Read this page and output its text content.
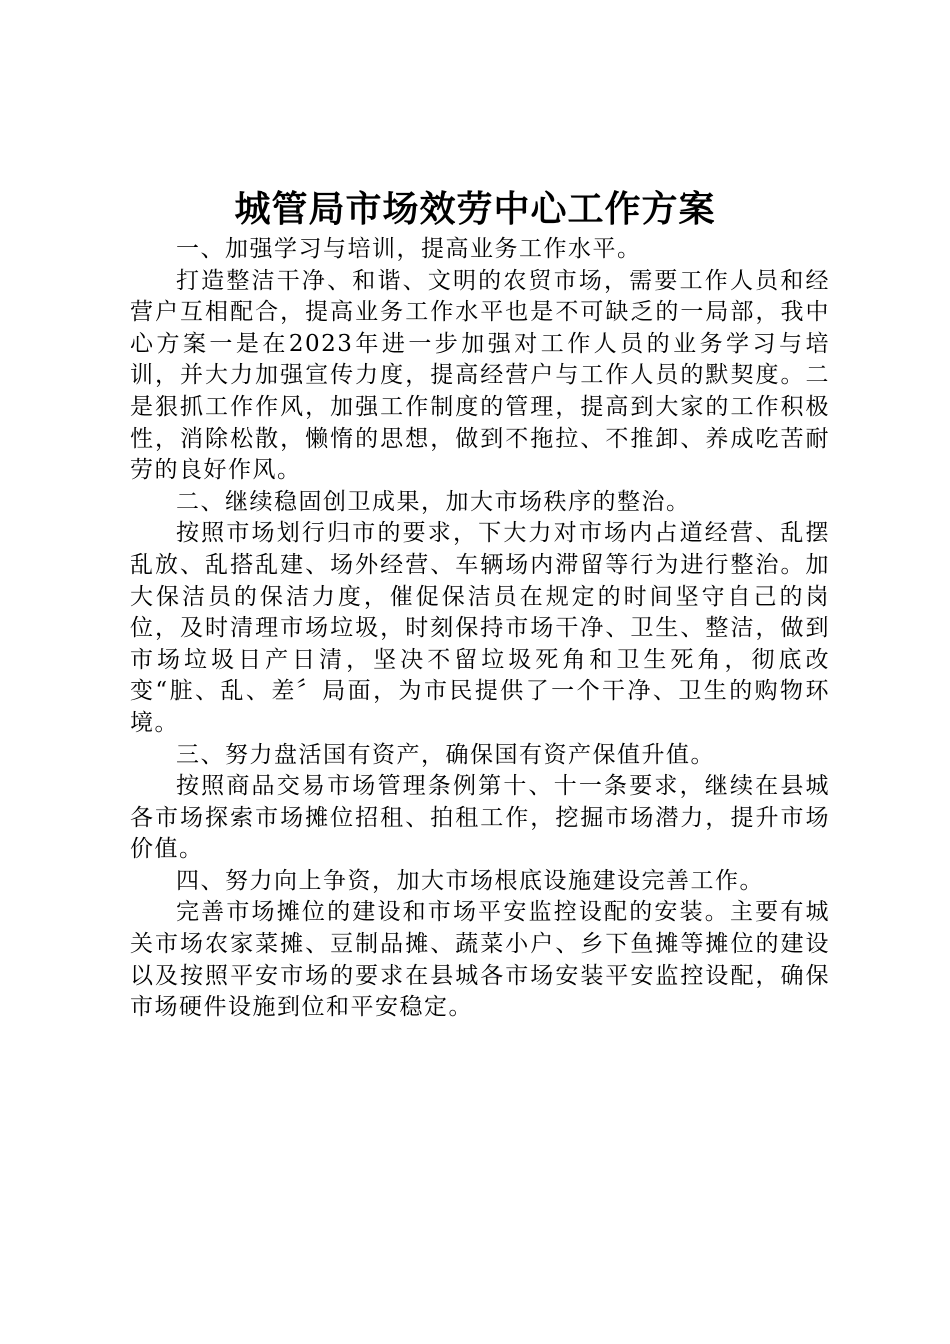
城管局市场效劳中心工作方案

一、加强学习与培训，提高业务工作水平。

打造整洁干净、和谐、文明的农贸市场，需要工作人员和经营户互相配合，提高业务工作水平也是不可缺乏的一局部，我中心方案一是在2023年进一步加强对工作人员的业务学习与培训，并大力加强宣传力度，提高经营户与工作人员的默契度。二是狠抓工作作风，加强工作制度的管理，提高到大家的工作积极性，消除松散，懒惰的思想，做到不拖拉、不推卸、养成吃苦耐劳的良好作风。

二、继续稳固创卫成果，加大市场秩序的整治。

按照市场划行归市的要求，下大力对市场内占道经营、乱摆乱放、乱搭乱建、场外经营、车辆场内滞留等行为进行整治。加大保洁员的保洁力度，催促保洁员在规定的时间坚守自己的岗位，及时清理市场垃圾，时刻保持市场干净、卫生、整洁，做到市场垃圾日产日清，坚决不留垃圾死角和卫生死角，彻底改变“脏、乱、差〞局面，为市民提供了一个干净、卫生的购物环境。

三、努力盘活国有资产，确保国有资产保值升值。

按照商品交易市场管理条例第十、十一条要求，继续在县城各市场探索市场摊位招租、拍租工作，挖掘市场潜力，提升市场价值。

四、努力向上争资，加大市场根底设施建设完善工作。

完善市场摊位的建设和市场平安监控设配的安装。主要有城关市场农家菜摊、豆制品摊、蔬菜小户、乡下鱼摊等摊位的建设以及按照平安市场的要求在县城各市场安装平安监控设配，确保市场硬件设施到位和平安稳定。
